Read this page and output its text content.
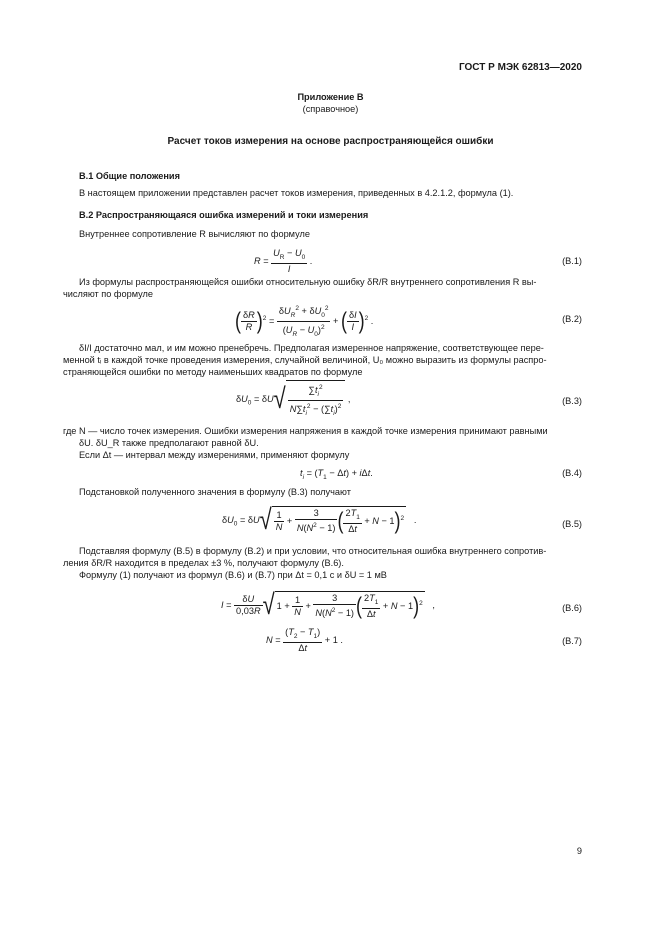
ГОСТ Р МЭК 62813—2020
Приложение В
(справочное)
Расчет токов измерения на основе распространяющейся ошибки
В.1 Общие положения
В настоящем приложении представлен расчет токов измерения, приведенных в 4.2.1.2, формула (1).
В.2 Распространяющаяся ошибка измерений и токи измерения
Внутреннее сопротивление R вычисляют по формуле
$R = \frac{U_R - U_0}{I}$ .	(В.1)
Из формулы распространяющейся ошибки относительную ошибку δR/R внутреннего сопротивления R вы-
числяют по формуле
( $\frac{\delta R}{R} )^2 = \frac{\delta U_R^2 + \delta U_0^2}{(U_R - U_0)^2}$ + ( $\frac{\delta I}{I} )^2$ .	(В.2)
δI/I достаточно мал, и им можно пренебречь. Предполагая измеренное напряжение, соответствующее пере-
менной tᵢ в каждой точке проведения измерения, случайной величиной, U₀ можно выразить из формулы распро-
страняющейся ошибки по методу наименьших квадратов по формуле
$\delta U_0 = \delta U√ \frac{\sum t_i^2}{N\sum t_i^2 - (\sum t_i)^2}$ ,	(В.3)
где N — число точек измерения. Ошибки измерения напряжения в каждой точке измерения принимают равными
δU. δU_R также предполагают равной δU.
Если Δt — интервал между измерениями, применяют формулу
$t_i = (T_1 - \Delta t) + i\Delta t$.	(В.4)
Подстановкой полученного значения в формулу (В.3) получают
$\delta U_0 = \delta U√ \frac{1}{N} + \frac{3}{N(N^2 - 1)}$ ( $\frac{2T_1}{\Delta t} + N - 1)^2$   .	(В.5)
Подставляя формулу (В.5) в формулу (В.2) и при условии, что относительная ошибка внутреннего сопротив-
ления δR/R находится в пределах ±3 %, получают формулу (В.6).
Формулу (1) получают из формул (В.6) и (В.7) при Δt = 0,1 с и δU = 1 мВ
$I = \frac{\delta U}{0,03R}$ √ $1 + \frac{1}{N} + \frac{3}{N(N^2 - 1)}$ ( $\frac{2T_1}{\Delta t} + N - 1)^2$   ,	(В.6)
$N = \frac{(T_2 - T_1)}{\Delta t} + 1$ .	(В.7)
9
